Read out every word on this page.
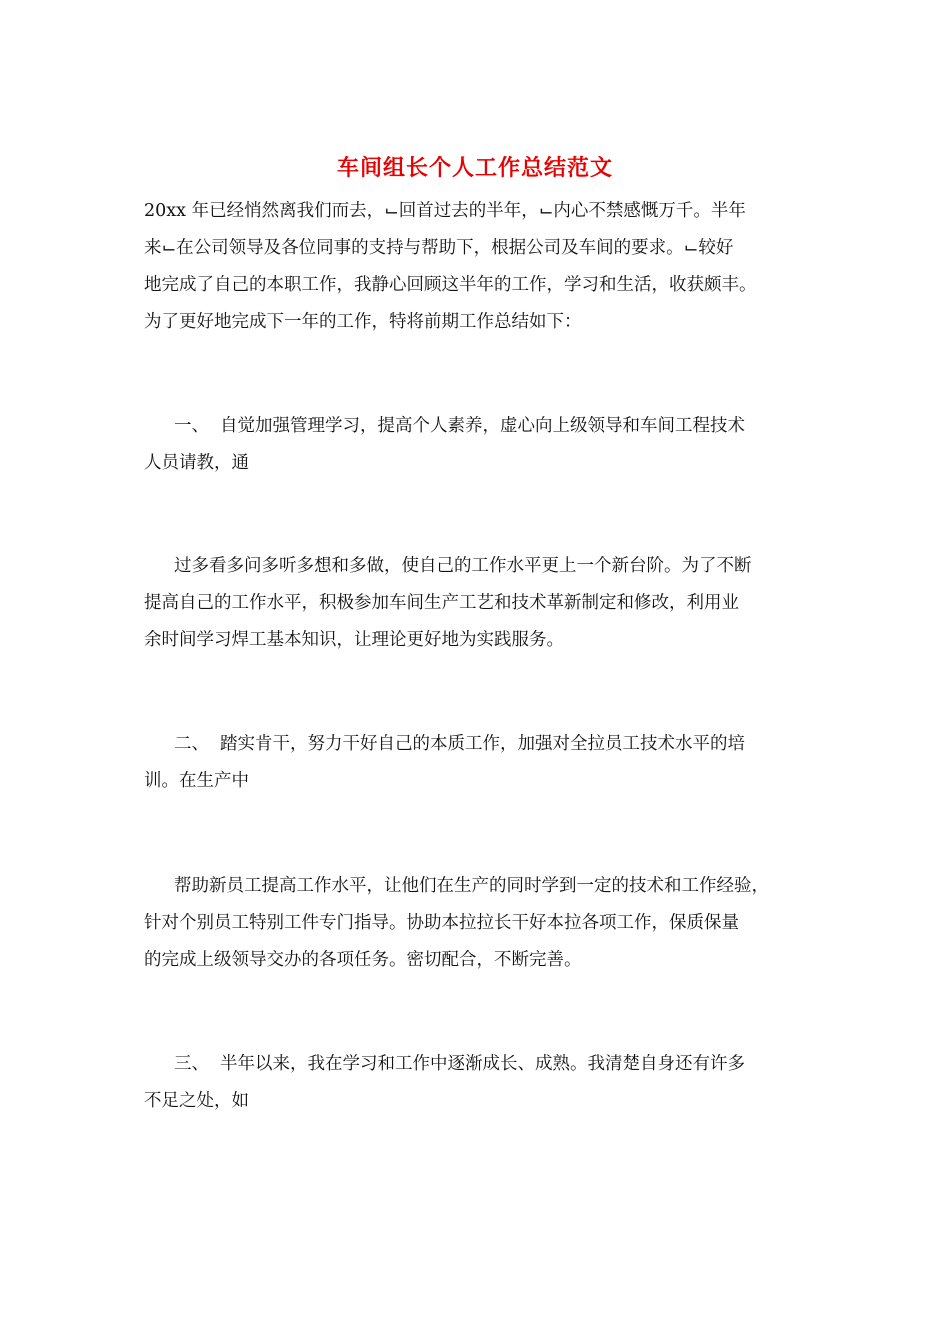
车间组长个人工作总结范文
20xx 年已经悄然离我们而去，⌙回首过去的半年，⌙内心不禁感慨万千。半年
来⌙在公司领导及各位同事的支持与帮助下，根据公司及车间的要求。⌙较好
地完成了自己的本职工作，我静心回顾这半年的工作，学习和生活，收获颇丰。
为了更好地完成下一年的工作，特将前期工作总结如下：
一、 自觉加强管理学习，提高个人素养，虚心向上级领导和车间工程技术
人员请教，通
过多看多问多听多想和多做，使自己的工作水平更上一个新台阶。为了不断
提高自己的工作水平，积极参加车间生产工艺和技术革新制定和修改，利用业
余时间学习焊工基本知识，让理论更好地为实践服务。
二、 踏实肯干，努力干好自己的本质工作，加强对全拉员工技术水平的培
训。在生产中
帮助新员工提高工作水平，让他们在生产的同时学到一定的技术和工作经验，
针对个别员工特别工件专门指导。协助本拉拉长干好本拉各项工作，保质保量
的完成上级领导交办的各项任务。密切配合，不断完善。
三、 半年以来，我在学习和工作中逐渐成长、成熟。我清楚自身还有许多
不足之处，如
